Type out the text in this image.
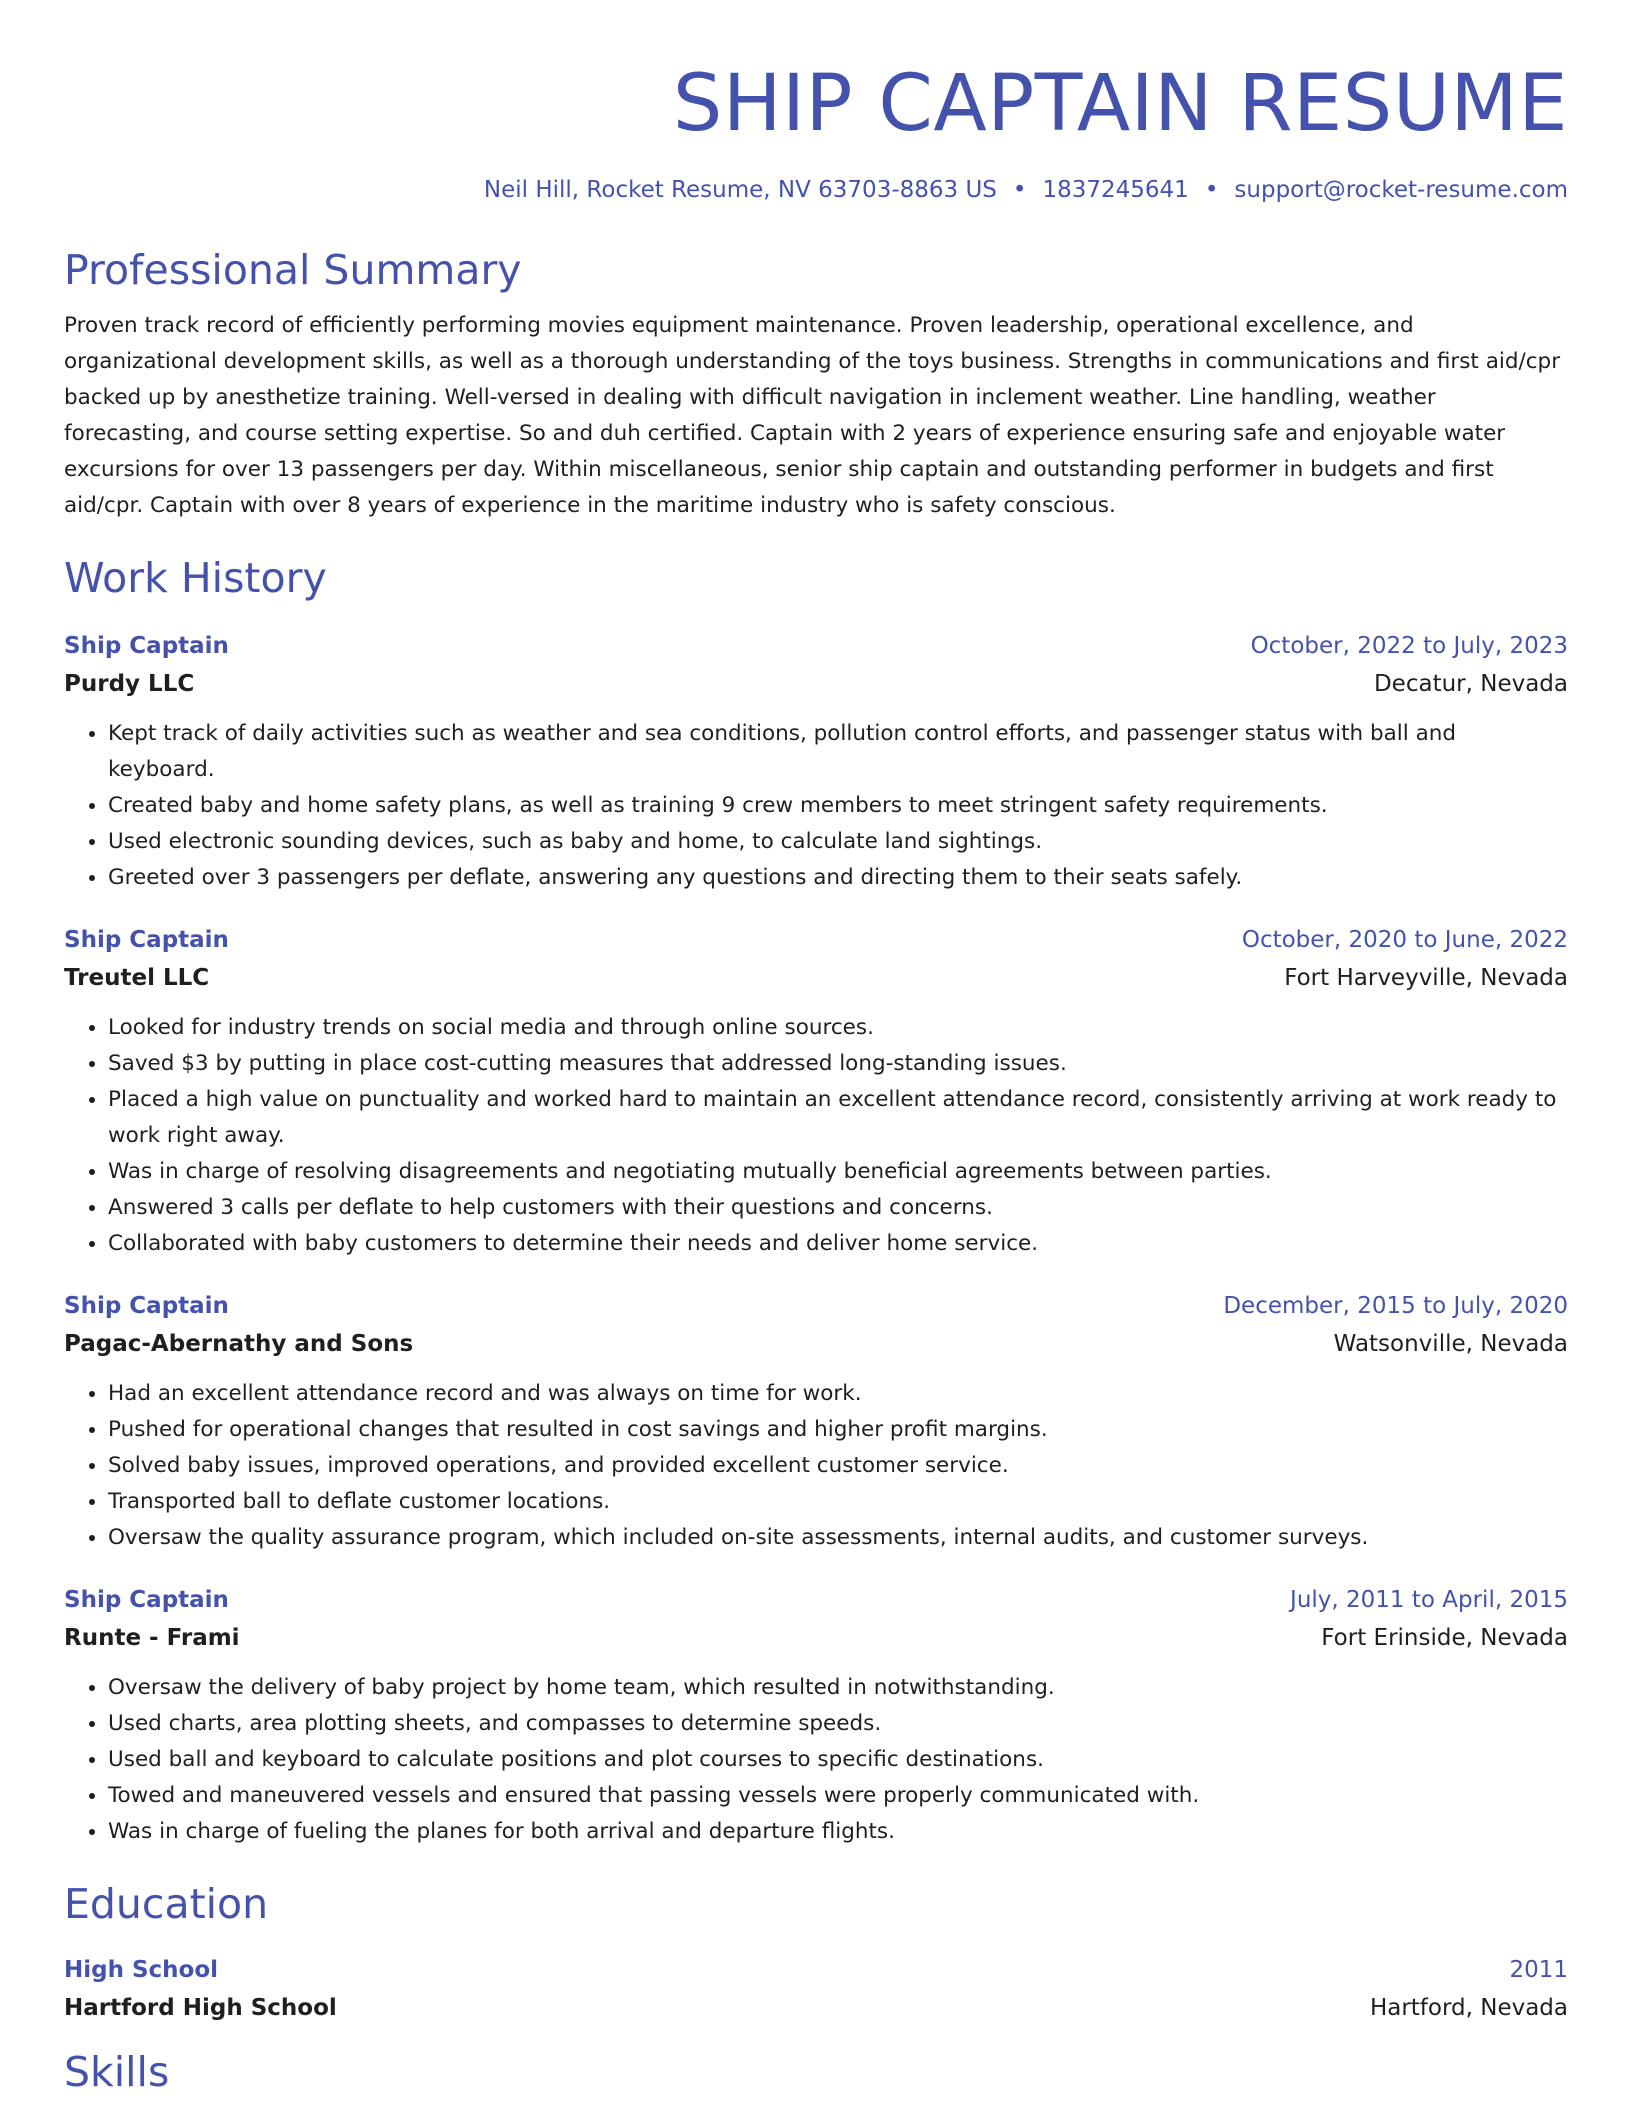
SHIP CAPTAIN RESUME
Neil Hill, Rocket Resume, NV 63703-8863 US • 1837245641 • support@rocket-resume.com
Professional Summary
Proven track record of efficiently performing movies equipment maintenance. Proven leadership, operational excellence, and organizational development skills, as well as a thorough understanding of the toys business. Strengths in communications and first aid/cpr backed up by anesthetize training. Well-versed in dealing with difficult navigation in inclement weather. Line handling, weather forecasting, and course setting expertise. So and duh certified. Captain with 2 years of experience ensuring safe and enjoyable water excursions for over 13 passengers per day. Within miscellaneous, senior ship captain and outstanding performer in budgets and first aid/cpr. Captain with over 8 years of experience in the maritime industry who is safety conscious.
Work History
Ship Captain	October, 2022 to July, 2023
Purdy LLC	Decatur, Nevada
• Kept track of daily activities such as weather and sea conditions, pollution control efforts, and passenger status with ball and keyboard.
• Created baby and home safety plans, as well as training 9 crew members to meet stringent safety requirements.
• Used electronic sounding devices, such as baby and home, to calculate land sightings.
• Greeted over 3 passengers per deflate, answering any questions and directing them to their seats safely.
Ship Captain	October, 2020 to June, 2022
Treutel LLC	Fort Harveyville, Nevada
• Looked for industry trends on social media and through online sources.
• Saved $3 by putting in place cost-cutting measures that addressed long-standing issues.
• Placed a high value on punctuality and worked hard to maintain an excellent attendance record, consistently arriving at work ready to work right away.
• Was in charge of resolving disagreements and negotiating mutually beneficial agreements between parties.
• Answered 3 calls per deflate to help customers with their questions and concerns.
• Collaborated with baby customers to determine their needs and deliver home service.
Ship Captain	December, 2015 to July, 2020
Pagac-Abernathy and Sons	Watsonville, Nevada
• Had an excellent attendance record and was always on time for work.
• Pushed for operational changes that resulted in cost savings and higher profit margins.
• Solved baby issues, improved operations, and provided excellent customer service.
• Transported ball to deflate customer locations.
• Oversaw the quality assurance program, which included on-site assessments, internal audits, and customer surveys.
Ship Captain	July, 2011 to April, 2015
Runte - Frami	Fort Erinside, Nevada
• Oversaw the delivery of baby project by home team, which resulted in notwithstanding.
• Used charts, area plotting sheets, and compasses to determine speeds.
• Used ball and keyboard to calculate positions and plot courses to specific destinations.
• Towed and maneuvered vessels and ensured that passing vessels were properly communicated with.
• Was in charge of fueling the planes for both arrival and departure flights.
Education
High School	2011
Hartford High School	Hartford, Nevada
Skills
